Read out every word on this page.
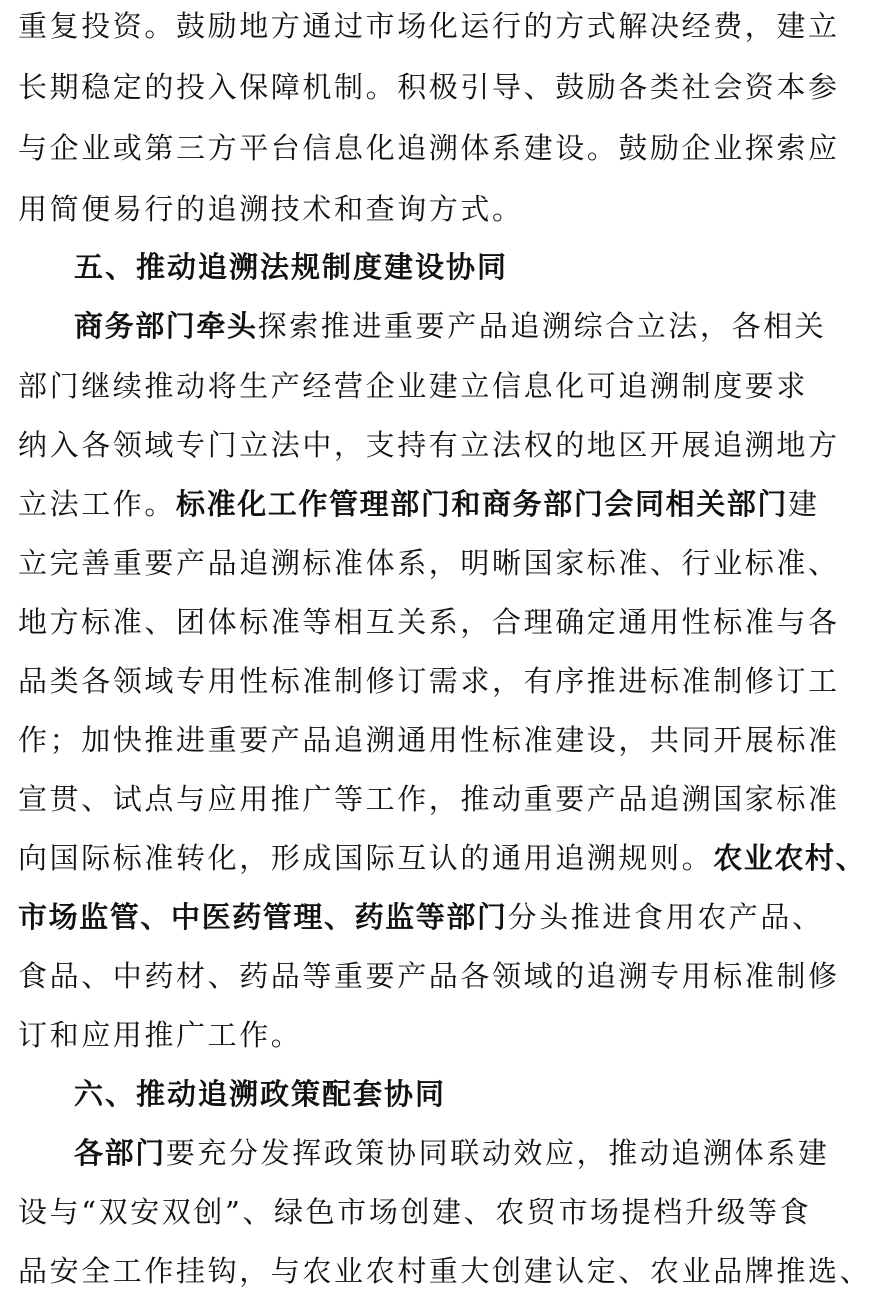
重复投资。鼓励地方通过市场化运行的方式解决经费，建立
长期稳定的投入保障机制。积极引导、鼓励各类社会资本参
与企业或第三方平台信息化追溯体系建设。鼓励企业探索应
用简便易行的追溯技术和查询方式。
五、推动追溯法规制度建设协同
商务部门牵头探索推进重要产品追溯综合立法，各相关
部门继续推动将生产经营企业建立信息化可追溯制度要求
纳入各领域专门立法中，支持有立法权的地区开展追溯地方
立法工作。标准化工作管理部门和商务部门会同相关部门建
立完善重要产品追溯标准体系，明晰国家标准、行业标准、
地方标准、团体标准等相互关系，合理确定通用性标准与各
品类各领域专用性标准制修订需求，有序推进标准制修订工
作；加快推进重要产品追溯通用性标准建设，共同开展标准
宣贯、试点与应用推广等工作，推动重要产品追溯国家标准
向国际标准转化，形成国际互认的通用追溯规则。农业农村、
市场监管、中医药管理、药监等部门分头推进食用农产品、
食品、中药材、药品等重要产品各领域的追溯专用标准制修
订和应用推广工作。
六、推动追溯政策配套协同
各部门要充分发挥政策协同联动效应，推动追溯体系建
设与“双安双创”、绿色市场创建、农贸市场提档升级等食
品安全工作挂钩，与农业农村重大创建认定、农业品牌推选、
